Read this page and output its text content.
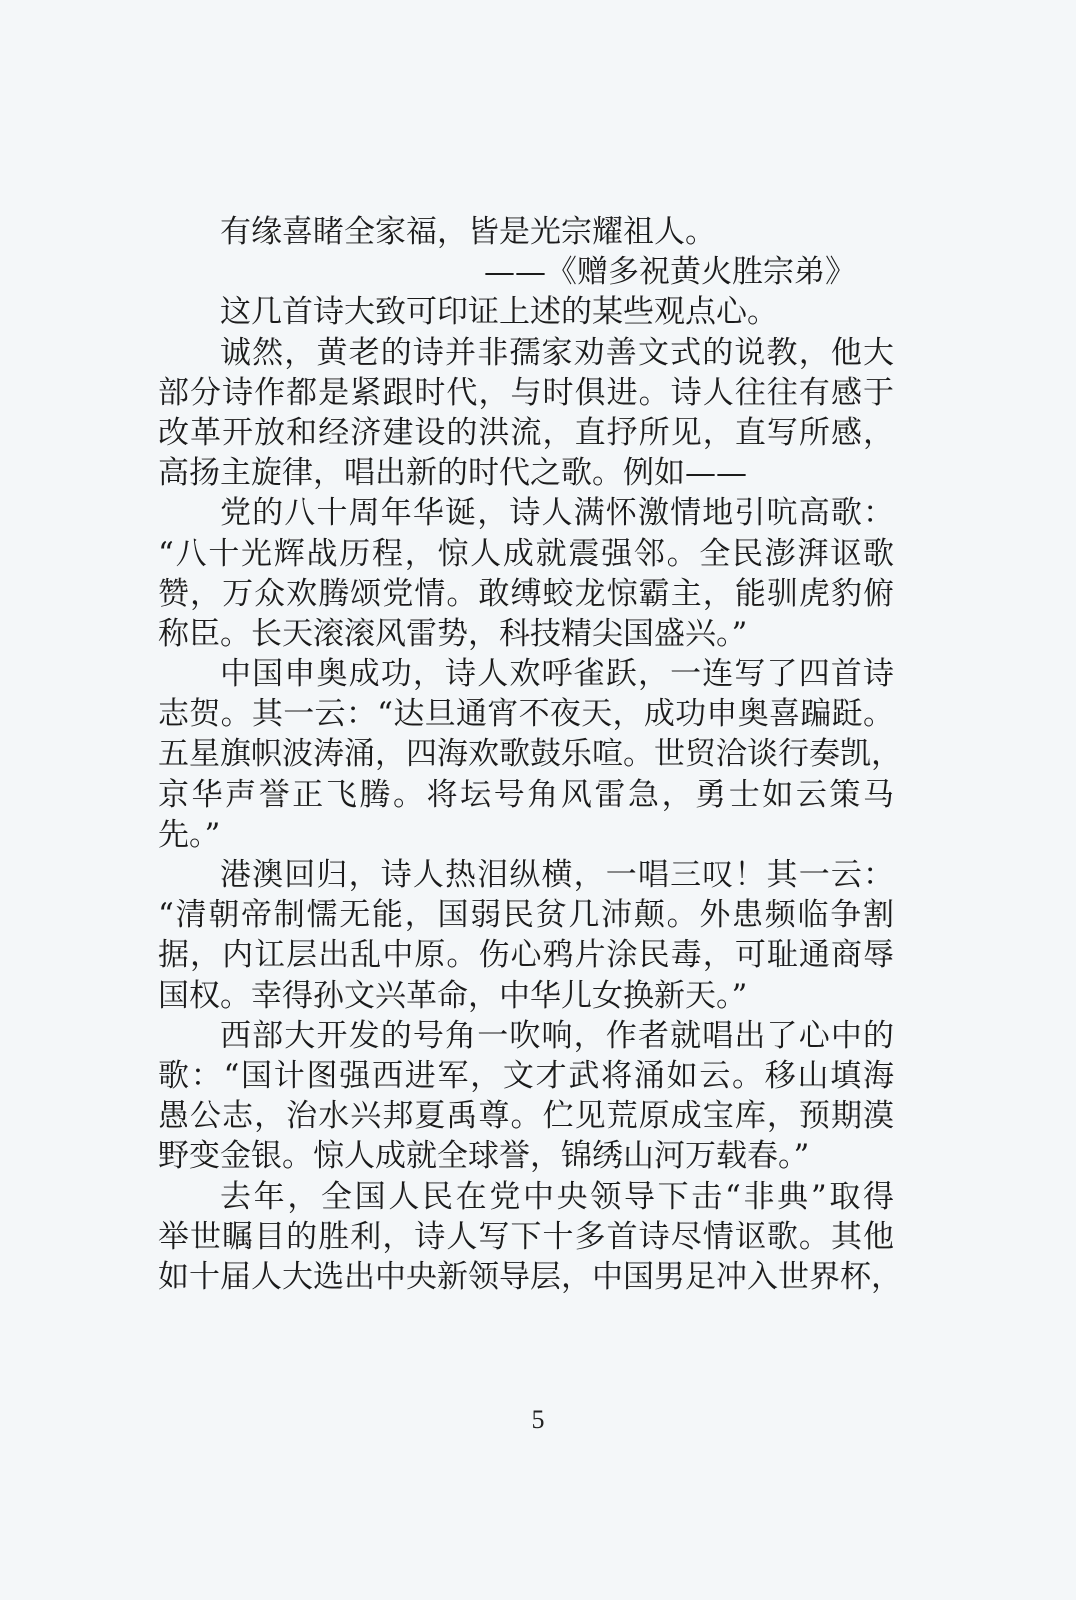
有缘喜睹全家福，皆是光宗耀祖人。
——《赠多祝黄火胜宗弟》
这几首诗大致可印证上述的某些观点心。
诚然，黄老的诗并非孺家劝善文式的说教，他大
部分诗作都是紧跟时代，与时俱进。诗人往往有感于
改革开放和经济建设的洪流，直抒所见，直写所感，
高扬主旋律，唱出新的时代之歌。例如——
党的八十周年华诞，诗人满怀激情地引吭高歌：
“八十光辉战历程，惊人成就震强邻。全民澎湃讴歌
赞，万众欢腾颂党情。敢缚蛟龙惊霸主，能驯虎豹俯
称臣。长天滚滚风雷势，科技精尖国盛兴。”
中国申奥成功，诗人欢呼雀跃，一连写了四首诗
志贺。其一云：“达旦通宵不夜天，成功申奥喜蹁跹。
五星旗帜波涛涌，四海欢歌鼓乐喧。世贸洽谈行奏凯，
京华声誉正飞腾。将坛号角风雷急，勇士如云策马
先。”
港澳回归，诗人热泪纵横，一唱三叹！其一云：
“清朝帝制懦无能，国弱民贫几沛颠。外患频临争割
据，内讧层出乱中原。伤心鸦片涂民毒，可耻通商辱
国权。幸得孙文兴革命，中华儿女换新天。”
西部大开发的号角一吹响，作者就唱出了心中的
歌：“国计图强西进军，文才武将涌如云。移山填海
愚公志，治水兴邦夏禹尊。伫见荒原成宝库，预期漠
野变金银。惊人成就全球誉，锦绣山河万载春。”
去年，全国人民在党中央领导下击“非典”取得
举世瞩目的胜利，诗人写下十多首诗尽情讴歌。其他
如十届人大选出中央新领导层，中国男足冲入世界杯，
5
